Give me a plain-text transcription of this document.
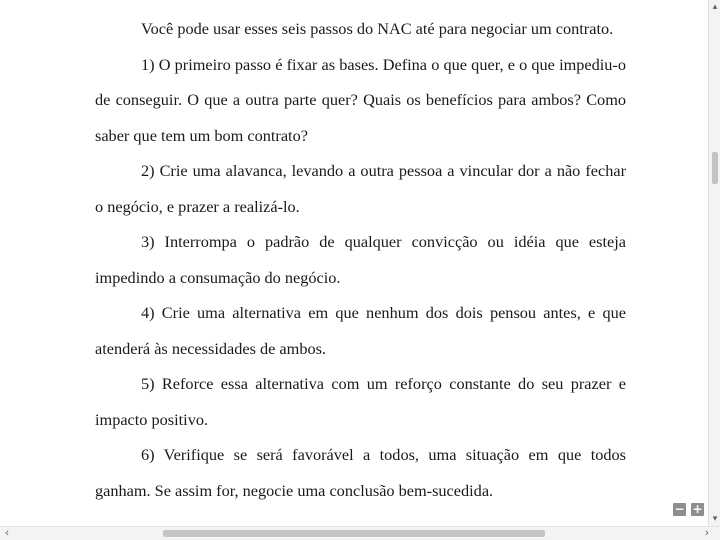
Você pode usar esses seis passos do NAC até para negociar um contrato.

1) O primeiro passo é fixar as bases. Defina o que quer, e o que impediu-o de conseguir. O que a outra parte quer? Quais os benefícios para ambos? Como saber que tem um bom contrato?

2) Crie uma alavanca, levando a outra pessoa a vincular dor a não fechar o negócio, e prazer a realizá-lo.

3) Interrompa o padrão de qualquer convicção ou idéia que esteja impedindo a consumação do negócio.

4) Crie uma alternativa em que nenhum dos dois pensou antes, e que atenderá às necessidades de ambos.

5) Reforce essa alternativa com um reforço constante do seu prazer e impacto positivo.

6) Verifique se será favorável a todos, uma situação em que todos ganham. Se assim for, negocie uma conclusão bem-sucedida.

− +
▴
▾
‹	›
